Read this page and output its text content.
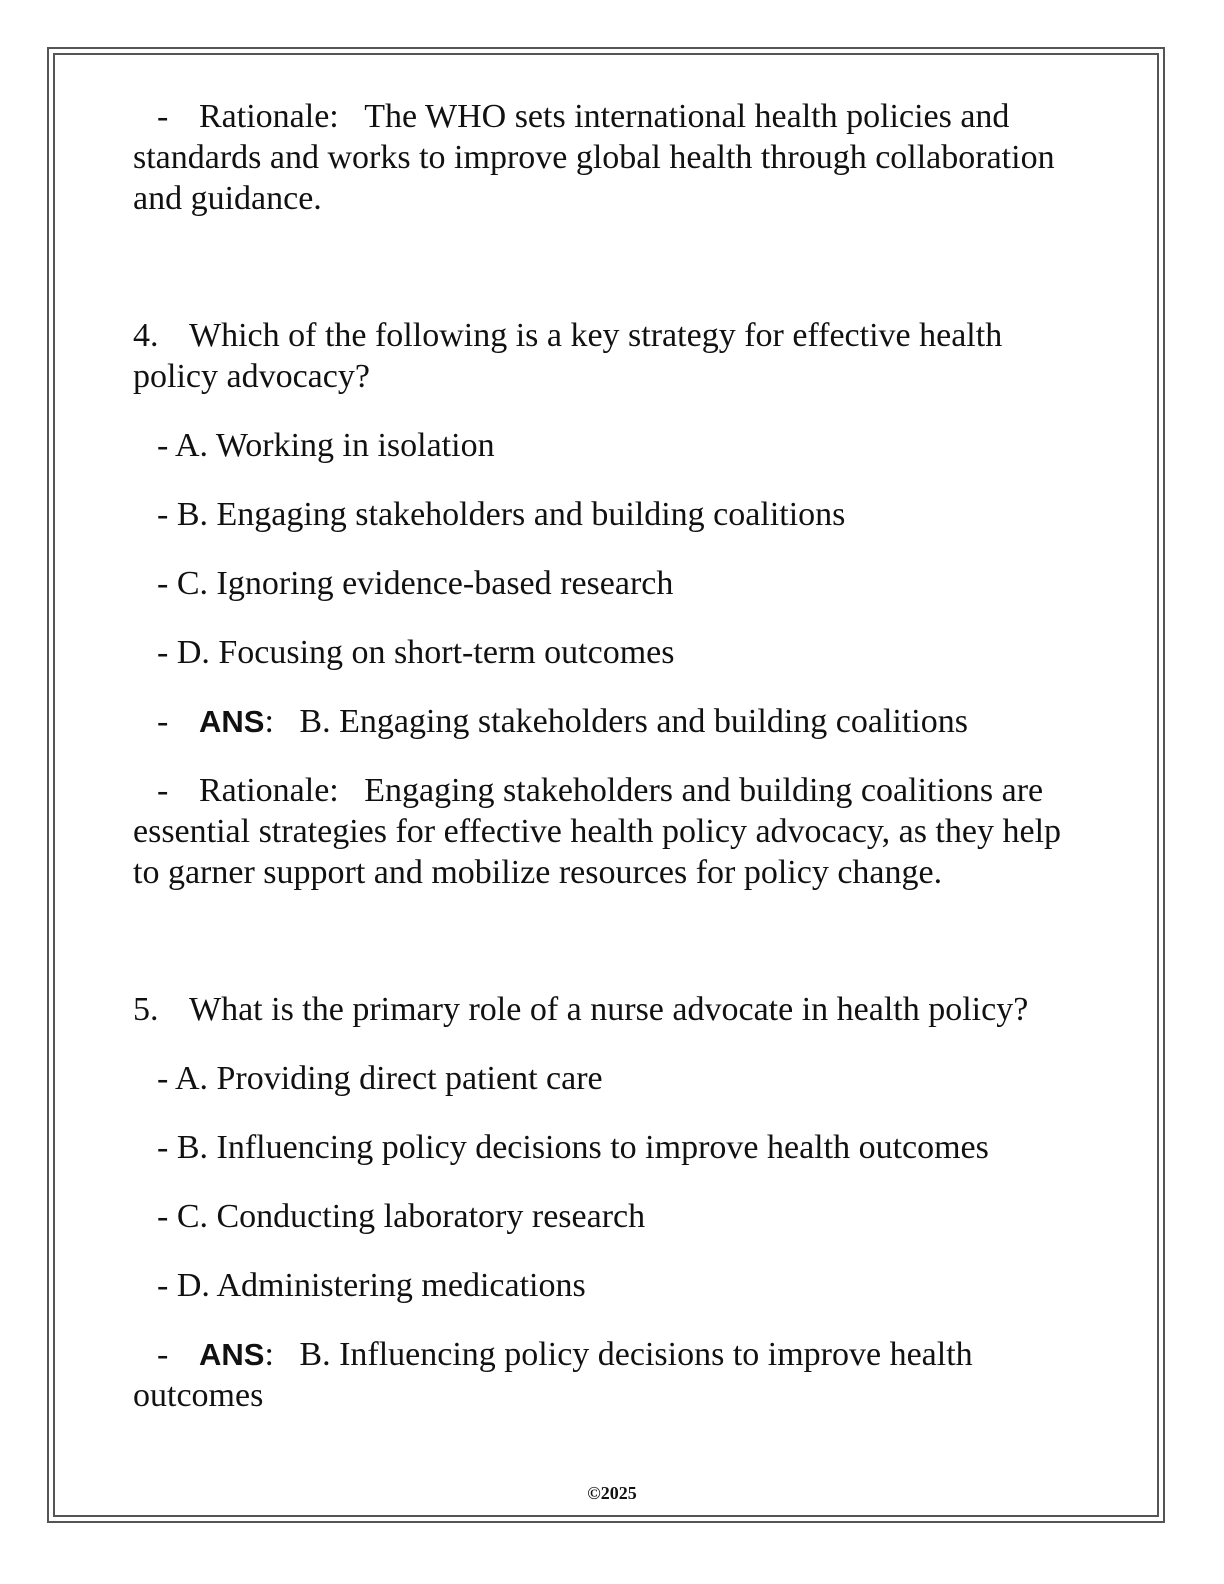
- Rationale: The WHO sets international health policies and standards and works to improve global health through collaboration and guidance.

4. Which of the following is a key strategy for effective health policy advocacy?

- A. Working in isolation

- B. Engaging stakeholders and building coalitions

- C. Ignoring evidence-based research

- D. Focusing on short-term outcomes

- ANS:   B. Engaging stakeholders and building coalitions

- Rationale: Engaging stakeholders and building coalitions are essential strategies for effective health policy advocacy, as they help to garner support and mobilize resources for policy change.

5. What is the primary role of a nurse advocate in health policy?

- A. Providing direct patient care

- B. Influencing policy decisions to improve health outcomes

- C. Conducting laboratory research

- D. Administering medications

- ANS:   B. Influencing policy decisions to improve health outcomes

©2025
